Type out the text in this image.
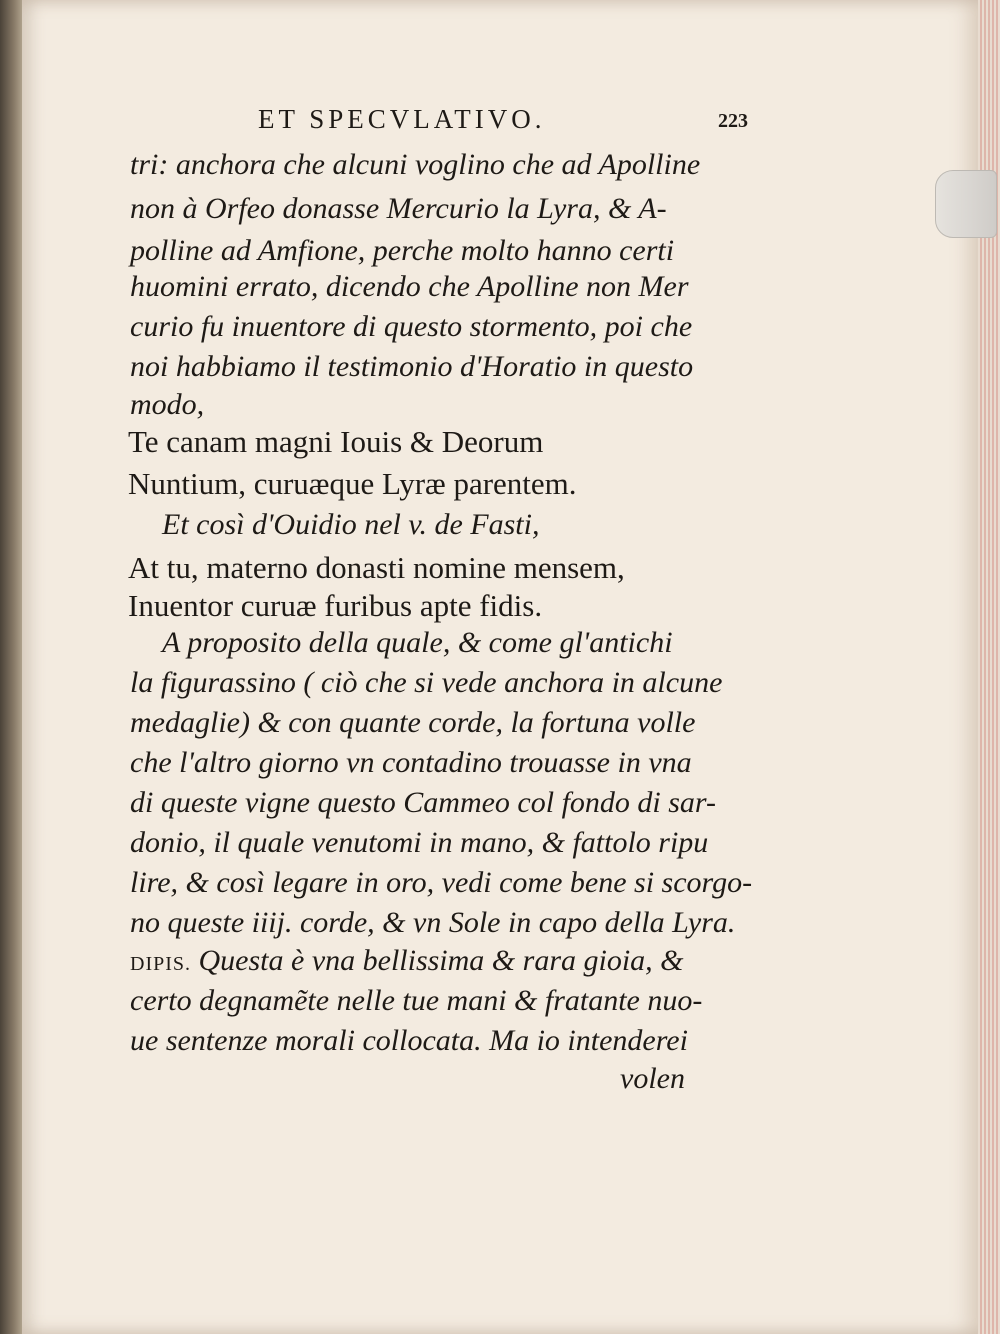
ET SPECVLATIVO.	223
tri: anchora che alcuni voglino che ad Apolline
non à Orfeo donasse Mercurio la Lyra, & A-
polline ad Amfione, perche molto hanno certi
huomini errato, dicendo che Apolline non Mer
curio fu inuentore di questo stormento, poi che
noi habbiamo il testimonio d'Horatio in questo
modo,
Te canam magni Iouis & Deorum
Nuntium, curuæque Lyræ parentem.
Et così d'Ouidio nel v. de Fasti,
At tu, materno donasti nomine mensem,
Inuentor curuæ furibus apte fidis.
A proposito della quale, & come gl'antichi
la figurassino ( ciò che si vede anchora in alcune
medaglie) & con quante corde, la fortuna volle
che l'altro giorno vn contadino trouasse in vna
di queste vigne questo Cammeo col fondo di sar-
donio, il quale venutomi in mano, & fattolo ripu
lire, & così legare in oro, vedi come bene si scorgo-
no queste iiij. corde, & vn Sole in capo della Lyra.
DIPIS. Questa è vna bellissima & rara gioia, &
certo degnamẽte nelle tue mani & fratante nuo-
ue sentenze morali collocata. Ma io intenderei
volen
